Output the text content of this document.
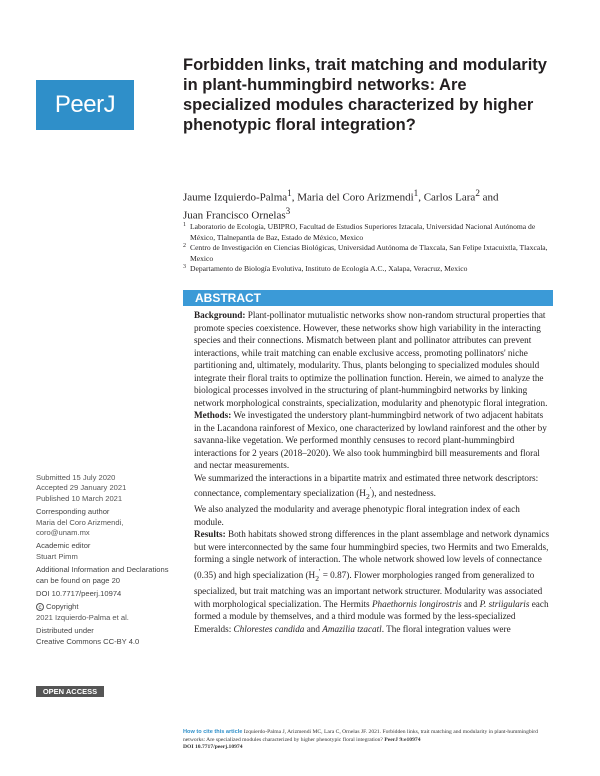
PeerJ
Forbidden links, trait matching and modularity in plant-hummingbird networks: Are specialized modules characterized by higher phenotypic floral integration?
Jaume Izquierdo-Palma$^1$, Maria del Coro Arizmendi$^1$, Carlos Lara$^2$ and
Juan Francisco Ornelas$^3$
1 Laboratorio de Ecología, UBIPRO, Facultad de Estudios Superiores Iztacala, Universidad Nacional Autónoma de México, Tlalnepantla de Baz, Estado de México, Mexico
2 Centro de Investigación en Ciencias Biológicas, Universidad Autónoma de Tlaxcala, San Felipe Ixtacuixtla, Tlaxcala, Mexico
3 Departamento de Biología Evolutiva, Instituto de Ecología A.C., Xalapa, Veracruz, Mexico
ABSTRACT

Background: Plant-pollinator mutualistic networks show non-random structural properties that promote species coexistence. However, these networks show high variability in the interacting species and their connections. Mismatch between plant and pollinator attributes can prevent interactions, while trait matching can enable exclusive access, promoting pollinators' niche partitioning and, ultimately, modularity. Thus, plants belonging to specialized modules should integrate their floral traits to optimize the pollination function. Herein, we aimed to analyze the biological processes involved in the structuring of plant-hummingbird networks by linking network morphological constraints, specialization, modularity and phenotypic floral integration.

Methods: We investigated the understory plant-hummingbird network of two adjacent habitats in the Lacandona rainforest of Mexico, one characterized by lowland rainforest and the other by savanna-like vegetation. We performed monthly censuses to record plant-hummingbird interactions for 2 years (2018–2020). We also took hummingbird bill measurements and floral and nectar measurements.

We summarized the interactions in a bipartite matrix and estimated three network descriptors: connectance, complementary specialization $(H_2')$, and nestedness.

We also analyzed the modularity and average phenotypic floral integration index of each module.

Results: Both habitats showed strong differences in the plant assemblage and network dynamics but were interconnected by the same four hummingbird species, two Hermits and two Emeralds, forming a single network of interaction. The whole network showed low levels of connectance (0.35) and high specialization $(H_2' = 0.87)$. Flower morphologies ranged from generalized to specialized, but trait matching was an important network structurer. Modularity was associated with morphological specialization. The Hermits Phaethornis longirostris and P. striigularis each formed a module by themselves, and a third module was formed by the less-specialized Emeralds: Chlorestes candida and Amazilia tzacatl. The floral integration values were

Submitted 15 July 2020
Accepted 29 January 2021
Published 10 March 2021
Corresponding author
Maria del Coro Arizmendi,
coro@unam.mx
Academic editor
Stuart Pimm
Additional Information and Declarations can be found on page 20
DOI 10.7717/peerj.10974
c Copyright
2021 Izquierdo-Palma et al.
Distributed under
Creative Commons CC-BY 4.0
OPEN ACCESS
How to cite this article Izquierdo-Palma J, Arizmendi MC, Lara C, Ornelas JF. 2021. Forbidden links, trait matching and modularity in plant-hummingbird networks: Are specialized modules characterized by higher phenotypic floral integration? PeerJ 9:e10974
DOI 10.7717/peerj.10974
